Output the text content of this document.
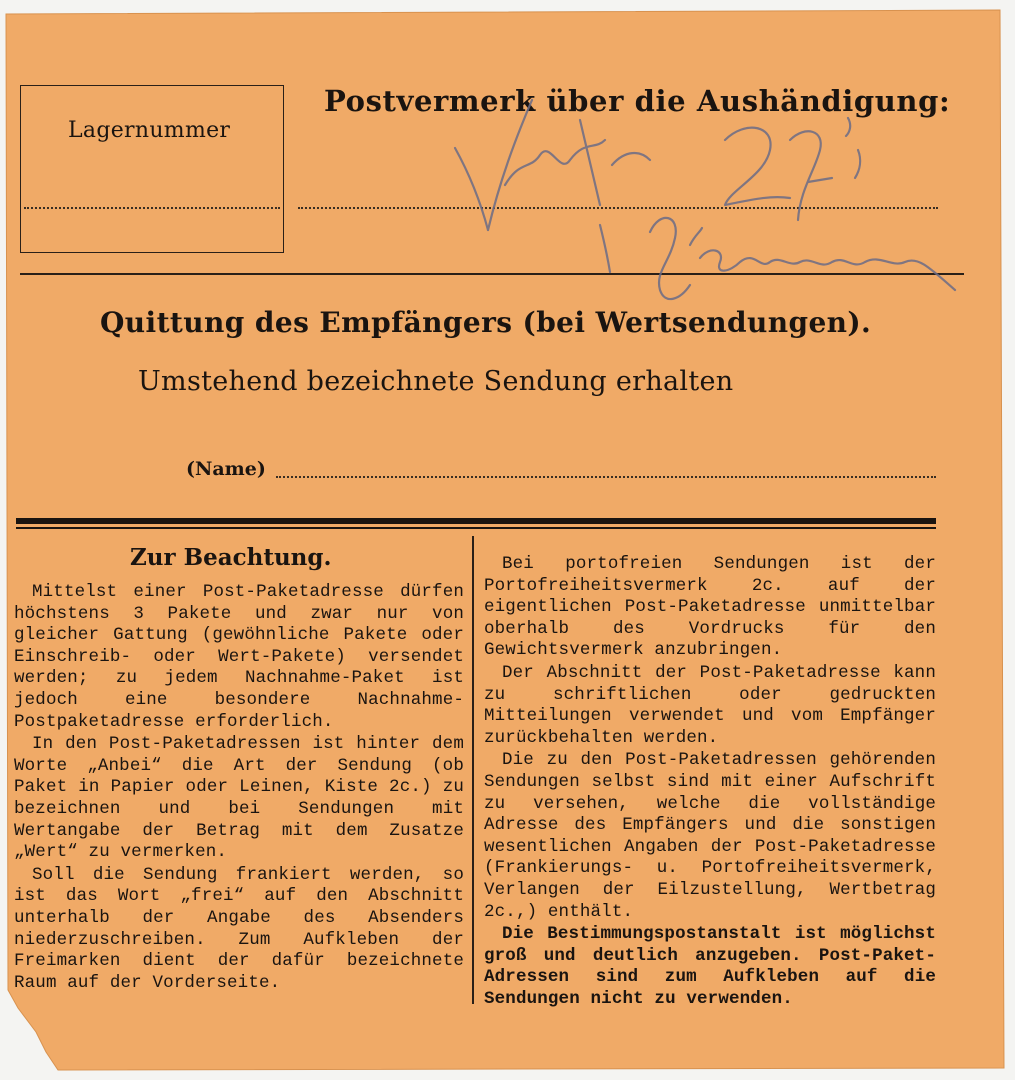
Lagernummer
Postvermerk über die Aushändigung:
Quittung des Empfängers (bei Wertsendungen).
Umstehend bezeichnete Sendung erhalten
(Name)
Zur Beachtung.

Mittelst einer Post-Paketadresse dürfen höchstens 3 Pakete und zwar nur von gleicher Gattung (gewöhnliche Pakete oder Einschreib- oder Wert-Pakete) versendet werden; zu jedem Nachnahme-Paket ist jedoch eine besondere Nachnahme-Postpaketadresse erforderlich.

In den Post-Paketadressen ist hinter dem Worte „Anbei“ die Art der Sendung (ob Paket in Papier oder Leinen, Kiste 2c.) zu bezeichnen und bei Sendungen mit Wertangabe der Betrag mit dem Zusatze „Wert“ zu vermerken.

Soll die Sendung frankiert werden, so ist das Wort „frei“ auf den Abschnitt unterhalb der Angabe des Absenders niederzuschreiben. Zum Aufkleben der Freimarken dient der dafür bezeichnete Raum auf der Vorderseite.

Bei portofreien Sendungen ist der Portofreiheitsvermerk 2c. auf der eigentlichen Post-Paketadresse unmittelbar oberhalb des Vordrucks für den Gewichtsvermerk anzubringen.

Der Abschnitt der Post-Paketadresse kann zu schriftlichen oder gedruckten Mitteilungen verwendet und vom Empfänger zurückbehalten werden.

Die zu den Post-Paketadressen gehörenden Sendungen selbst sind mit einer Aufschrift zu versehen, welche die vollständige Adresse des Empfängers und die sonstigen wesentlichen Angaben der Post-Paketadresse (Frankierungs- u. Portofreiheitsvermerk, Verlangen der Eilzustellung, Wertbetrag 2c.,) enthält.

Die Bestimmungspostanstalt ist möglichst groß und deutlich anzugeben. Post-Paket-Adressen sind zum Aufkleben auf die Sendungen nicht zu verwenden.
